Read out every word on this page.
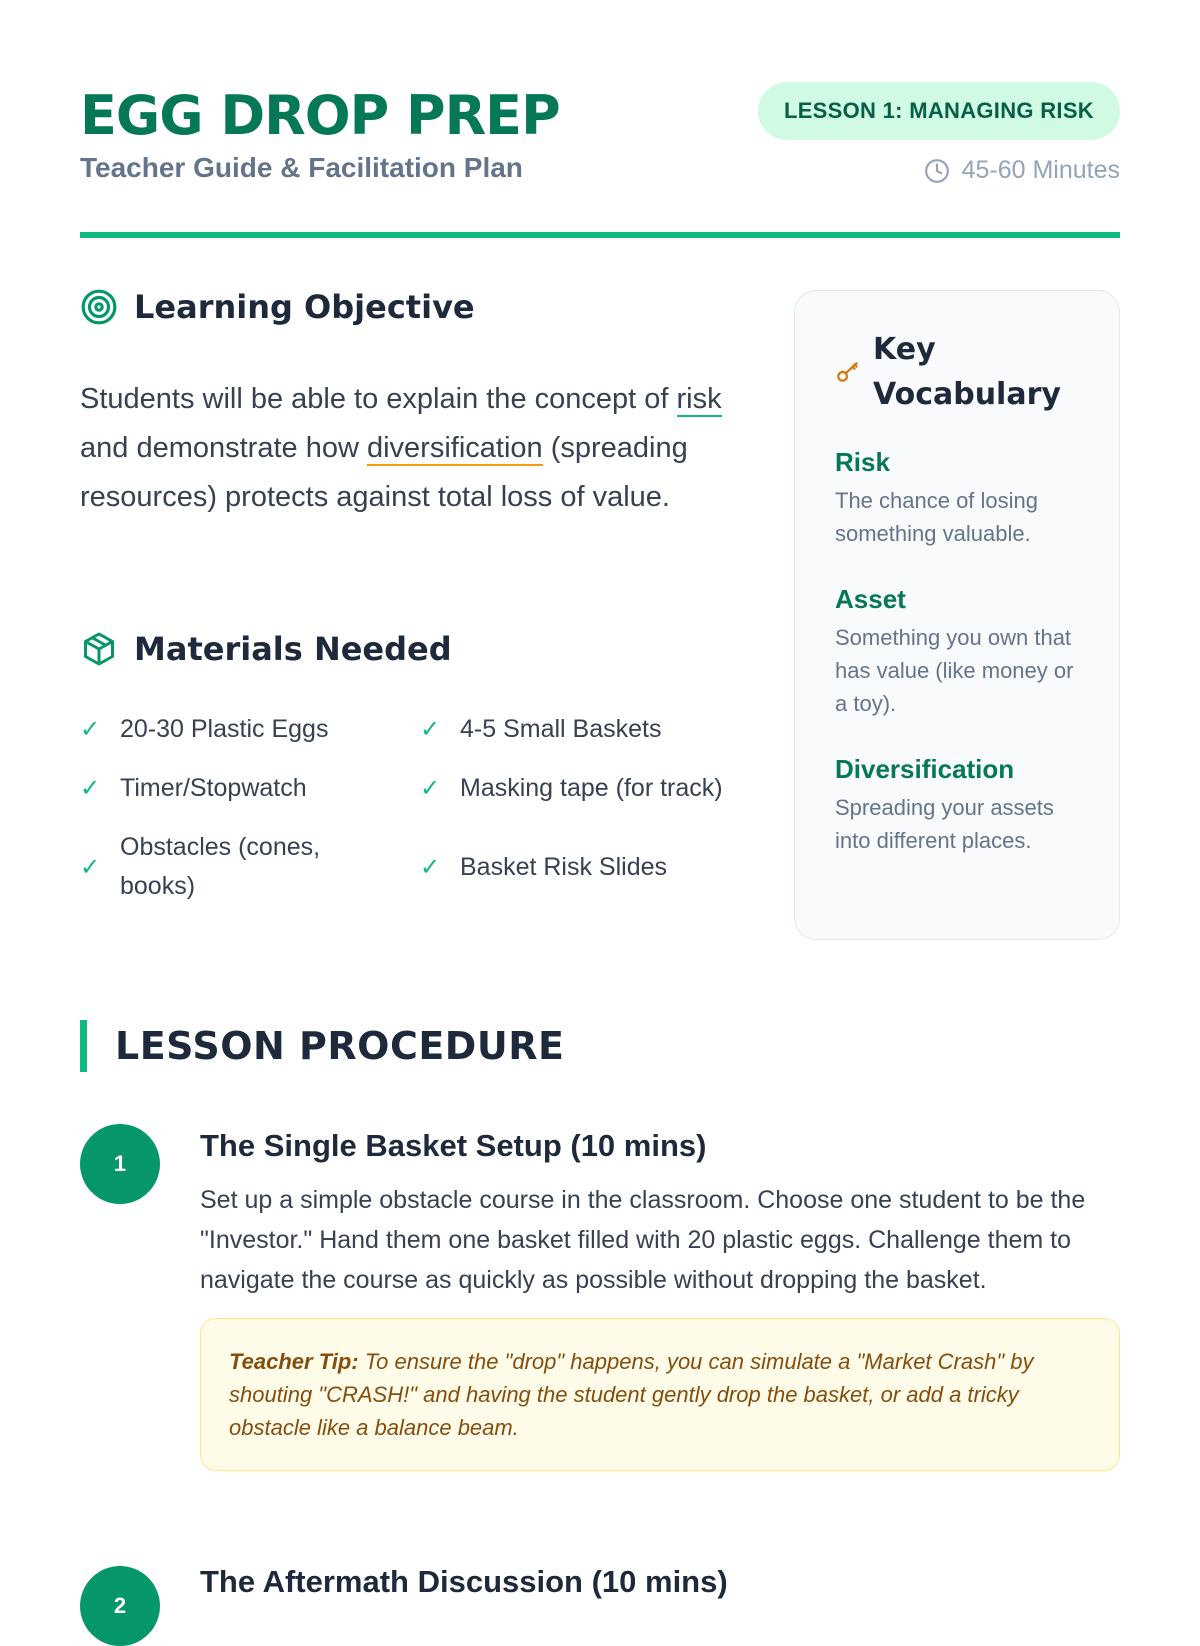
EGG DROP PREP
Teacher Guide & Facilitation Plan
LESSON 1: MANAGING RISK
45-60 Minutes
Learning Objective

Students will be able to explain the concept of risk and demonstrate how diversification (spreading resources) protects against total loss of value.

Materials Needed
✓ 20-30 Plastic Eggs	✓ 4-5 Small Baskets
✓ Timer/Stopwatch	✓ Masking tape (for track)
✓
Obstacles (cones, books)
✓ Basket Risk Slides
Key Vocabulary
Risk
The chance of losing something valuable.
Asset
Something you own that has value (like money or a toy).
Diversification
Spreading your assets into different places.
LESSON PROCEDURE
1
The Single Basket Setup (10 mins)
Set up a simple obstacle course in the classroom. Choose one student to be the "Investor." Hand them one basket filled with 20 plastic eggs. Challenge them to navigate the course as quickly as possible without dropping the basket.
Teacher Tip: To ensure the "drop" happens, you can simulate a "Market Crash" by shouting "CRASH!" and having the student gently drop the basket, or add a tricky obstacle like a balance beam.
2
The Aftermath Discussion (10 mins)
